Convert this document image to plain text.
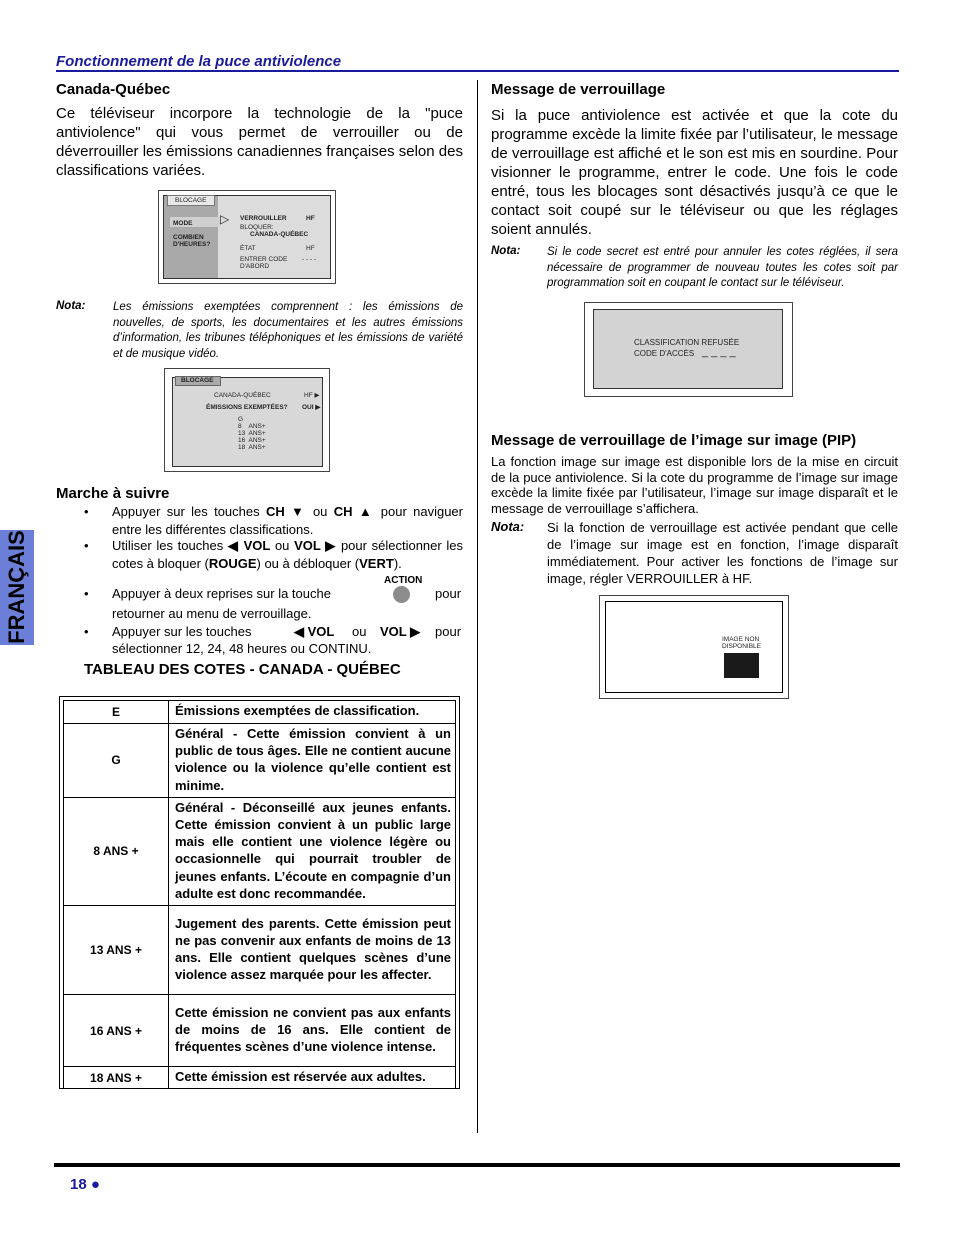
Fonctionnement de la puce antiviolence
FRANÇAIS
18 ●
Canada-Québec
Ce téléviseur incorpore la technologie de la "puce antiviolence" qui vous permet de verrouiller ou de déverrouiller les émissions canadiennes françaises selon des classifications variées.
BLOCAGE
MODE ▷
COMBIEN
D'HEURES?
VERROUILLER	HF
BLOQUER:
CANADA-QUÉBEC
ÉTAT	HF
ENTRER CODE
D'ABORD
- - - -
Nota: Les émissions exemptées comprennent : les émissions de nouvelles, de sports, les documentaires et les autres émissions d’information, les tribunes téléphoniques et les émissions de variété et de musique vidéo.
BLOCAGE
CANADA-QUÉBEC	HF ▶
ÉMISSIONS EXEMPTÉES? OUI ▶
G
8    ANS+
13  ANS+
16  ANS+
18  ANS+
Marche à suivre
• Appuyer sur les touches CH ▼ ou CH ▲ pour naviguer entre les différentes classifications.
• Utiliser les touches ◀ VOL ou VOL ▶ pour sélectionner les cotes à bloquer (ROUGE) ou à débloquer (VERT).
• Appuyer à deux reprises sur la touche
ACTION
pour
retourner au menu de verrouillage.
• Appuyer sur les touches	◀ VOL ou VOL ▶ pour
sélectionner 12, 24, 48 heures ou CONTINU.
TABLEAU DES COTES - CANADA - QUÉBEC
E	Émissions exemptées de classification.
G	Général - Cette émission convient à un public de tous âges. Elle ne contient aucune violence ou la violence qu’elle contient est minime.
8 ANS +	Général - Déconseillé aux jeunes enfants. Cette émission convient à un public large mais elle contient une violence légère ou occasionnelle qui pourrait troubler de jeunes enfants. L’écoute en compagnie d’un adulte est donc recommandée.
13 ANS +	Jugement des parents. Cette émission peut ne pas convenir aux enfants de moins de 13 ans. Elle contient quelques scènes d’une violence assez marquée pour les affecter.
16 ANS +	Cette émission ne convient pas aux enfants de moins de 16 ans. Elle contient de fréquentes scènes d’une violence intense.
18 ANS +	Cette émission est réservée aux adultes.
Message de verrouillage
Si la puce antiviolence est activée et que la cote du programme excède la limite fixée par l’utilisateur, le message de verrouillage est affiché et le son est mis en sourdine. Pour visionner le programme, entrer le code. Une fois le code entré, tous les blocages sont désactivés jusqu’à ce que le contact soit coupé sur le téléviseur ou que les réglages soient annulés.
Nota: Si le code secret est entré pour annuler les cotes réglées, il sera nécessaire de programmer de nouveau toutes les cotes soit par programmation soit en coupant le contact sur le téléviseur.
CLASSIFICATION REFUSÉE
CODE D'ACCÈS _ _ _ _
Message de verrouillage de l’image sur image (PIP)
La fonction image sur image est disponible lors de la mise en circuit de la puce antiviolence. Si la cote du programme de l’image sur image excède la limite fixée par l’utilisateur, l’image sur image disparaît et le message de verrouillage s’affichera.
Nota: Si la fonction de verrouillage est activée pendant que celle de l’image sur image est en fonction, l’image disparaît immédiatement. Pour activer les fonctions de l’image sur image, régler VERROUILLER à HF.
IMAGE NON
DISPONIBLE
